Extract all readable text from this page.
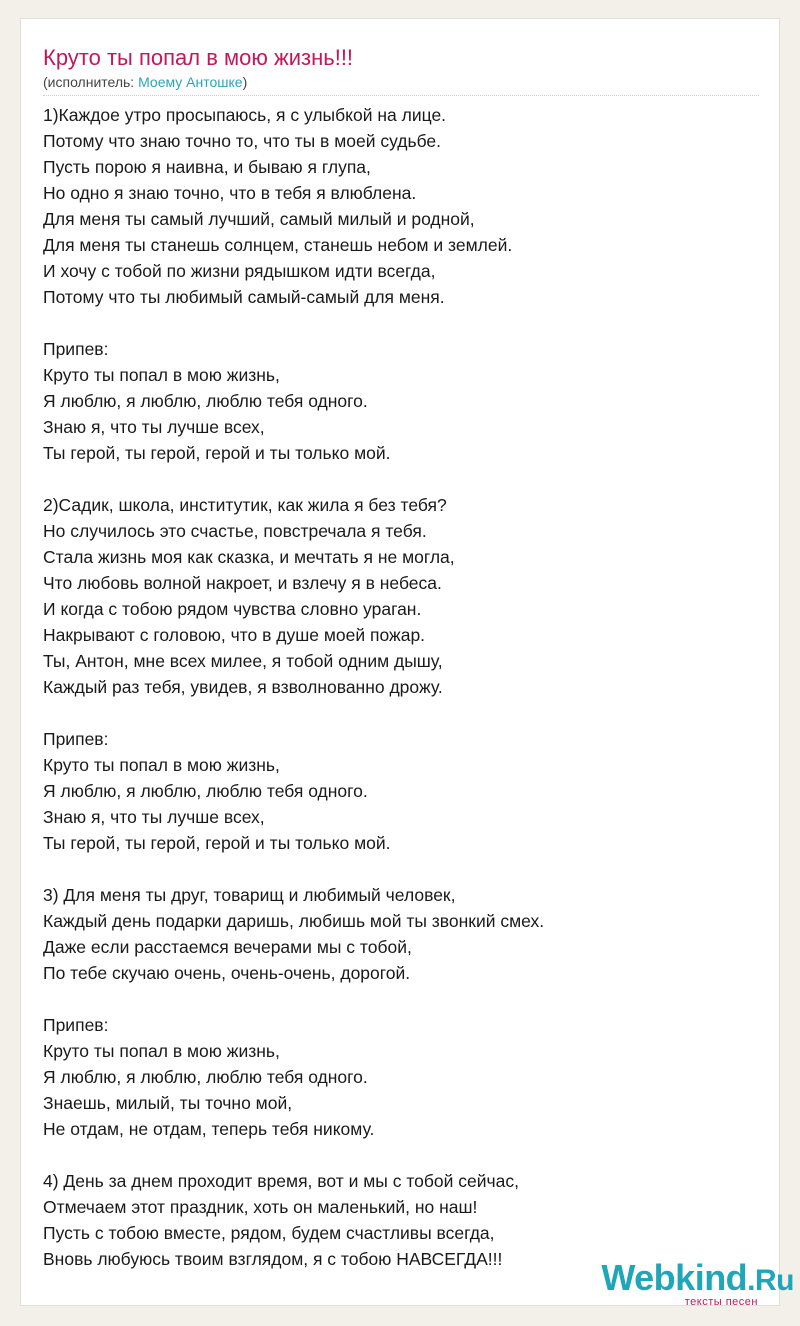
Круто ты попал в мою жизнь!!!
(исполнитель: Моему Антошке)
1)Каждое утро просыпаюсь, я с улыбкой на лице.
Потому что знаю точно то, что ты в моей судьбе.
Пусть порою я наивна, и бываю я глупа,
Но одно я знаю точно, что в тебя я влюблена.
Для меня ты самый лучший, самый милый и родной,
Для меня ты станешь солнцем, станешь небом и землей.
И хочу с тобой по жизни рядышком идти всегда,
Потому что ты любимый самый-самый для меня.
Припев:
Круто ты попал в мою жизнь,
Я люблю, я люблю, люблю тебя одного.
Знаю я, что ты лучше всех,
Ты герой, ты герой, герой и ты только мой.
2)Садик, школа, институтик, как жила я без тебя?
Но случилось это счастье, повстречала я тебя.
Стала жизнь моя как сказка, и мечтать я не могла,
Что любовь волной накроет, и взлечу я в небеса.
И когда с тобою рядом чувства словно ураган.
Накрывают с головою, что в душе моей пожар.
Ты, Антон, мне всех милее, я тобой одним дышу,
Каждый раз тебя, увидев, я взволнованно дрожу.
Припев:
Круто ты попал в мою жизнь,
Я люблю, я люблю, люблю тебя одного.
Знаю я, что ты лучше всех,
Ты герой, ты герой, герой и ты только мой.
3) Для меня ты друг, товарищ и любимый человек,
Каждый день подарки даришь, любишь мой ты звонкий смех.
Даже если расстаемся вечерами мы с тобой,
По тебе скучаю очень, очень-очень, дорогой.
Припев:
Круто ты попал в мою жизнь,
Я люблю, я люблю, люблю тебя одного.
Знаешь, милый, ты точно мой,
Не отдам, не отдам, теперь тебя никому.
4) День за днем проходит время, вот и мы с тобой сейчас,
Отмечаем этот праздник, хоть он маленький, но наш!
Пусть с тобою вместе, рядом, будем счастливы всегда,
Вновь любуюсь твоим взглядом, я с тобою НАВСЕГДА!!!	Webkind.Ru
тексты песен
